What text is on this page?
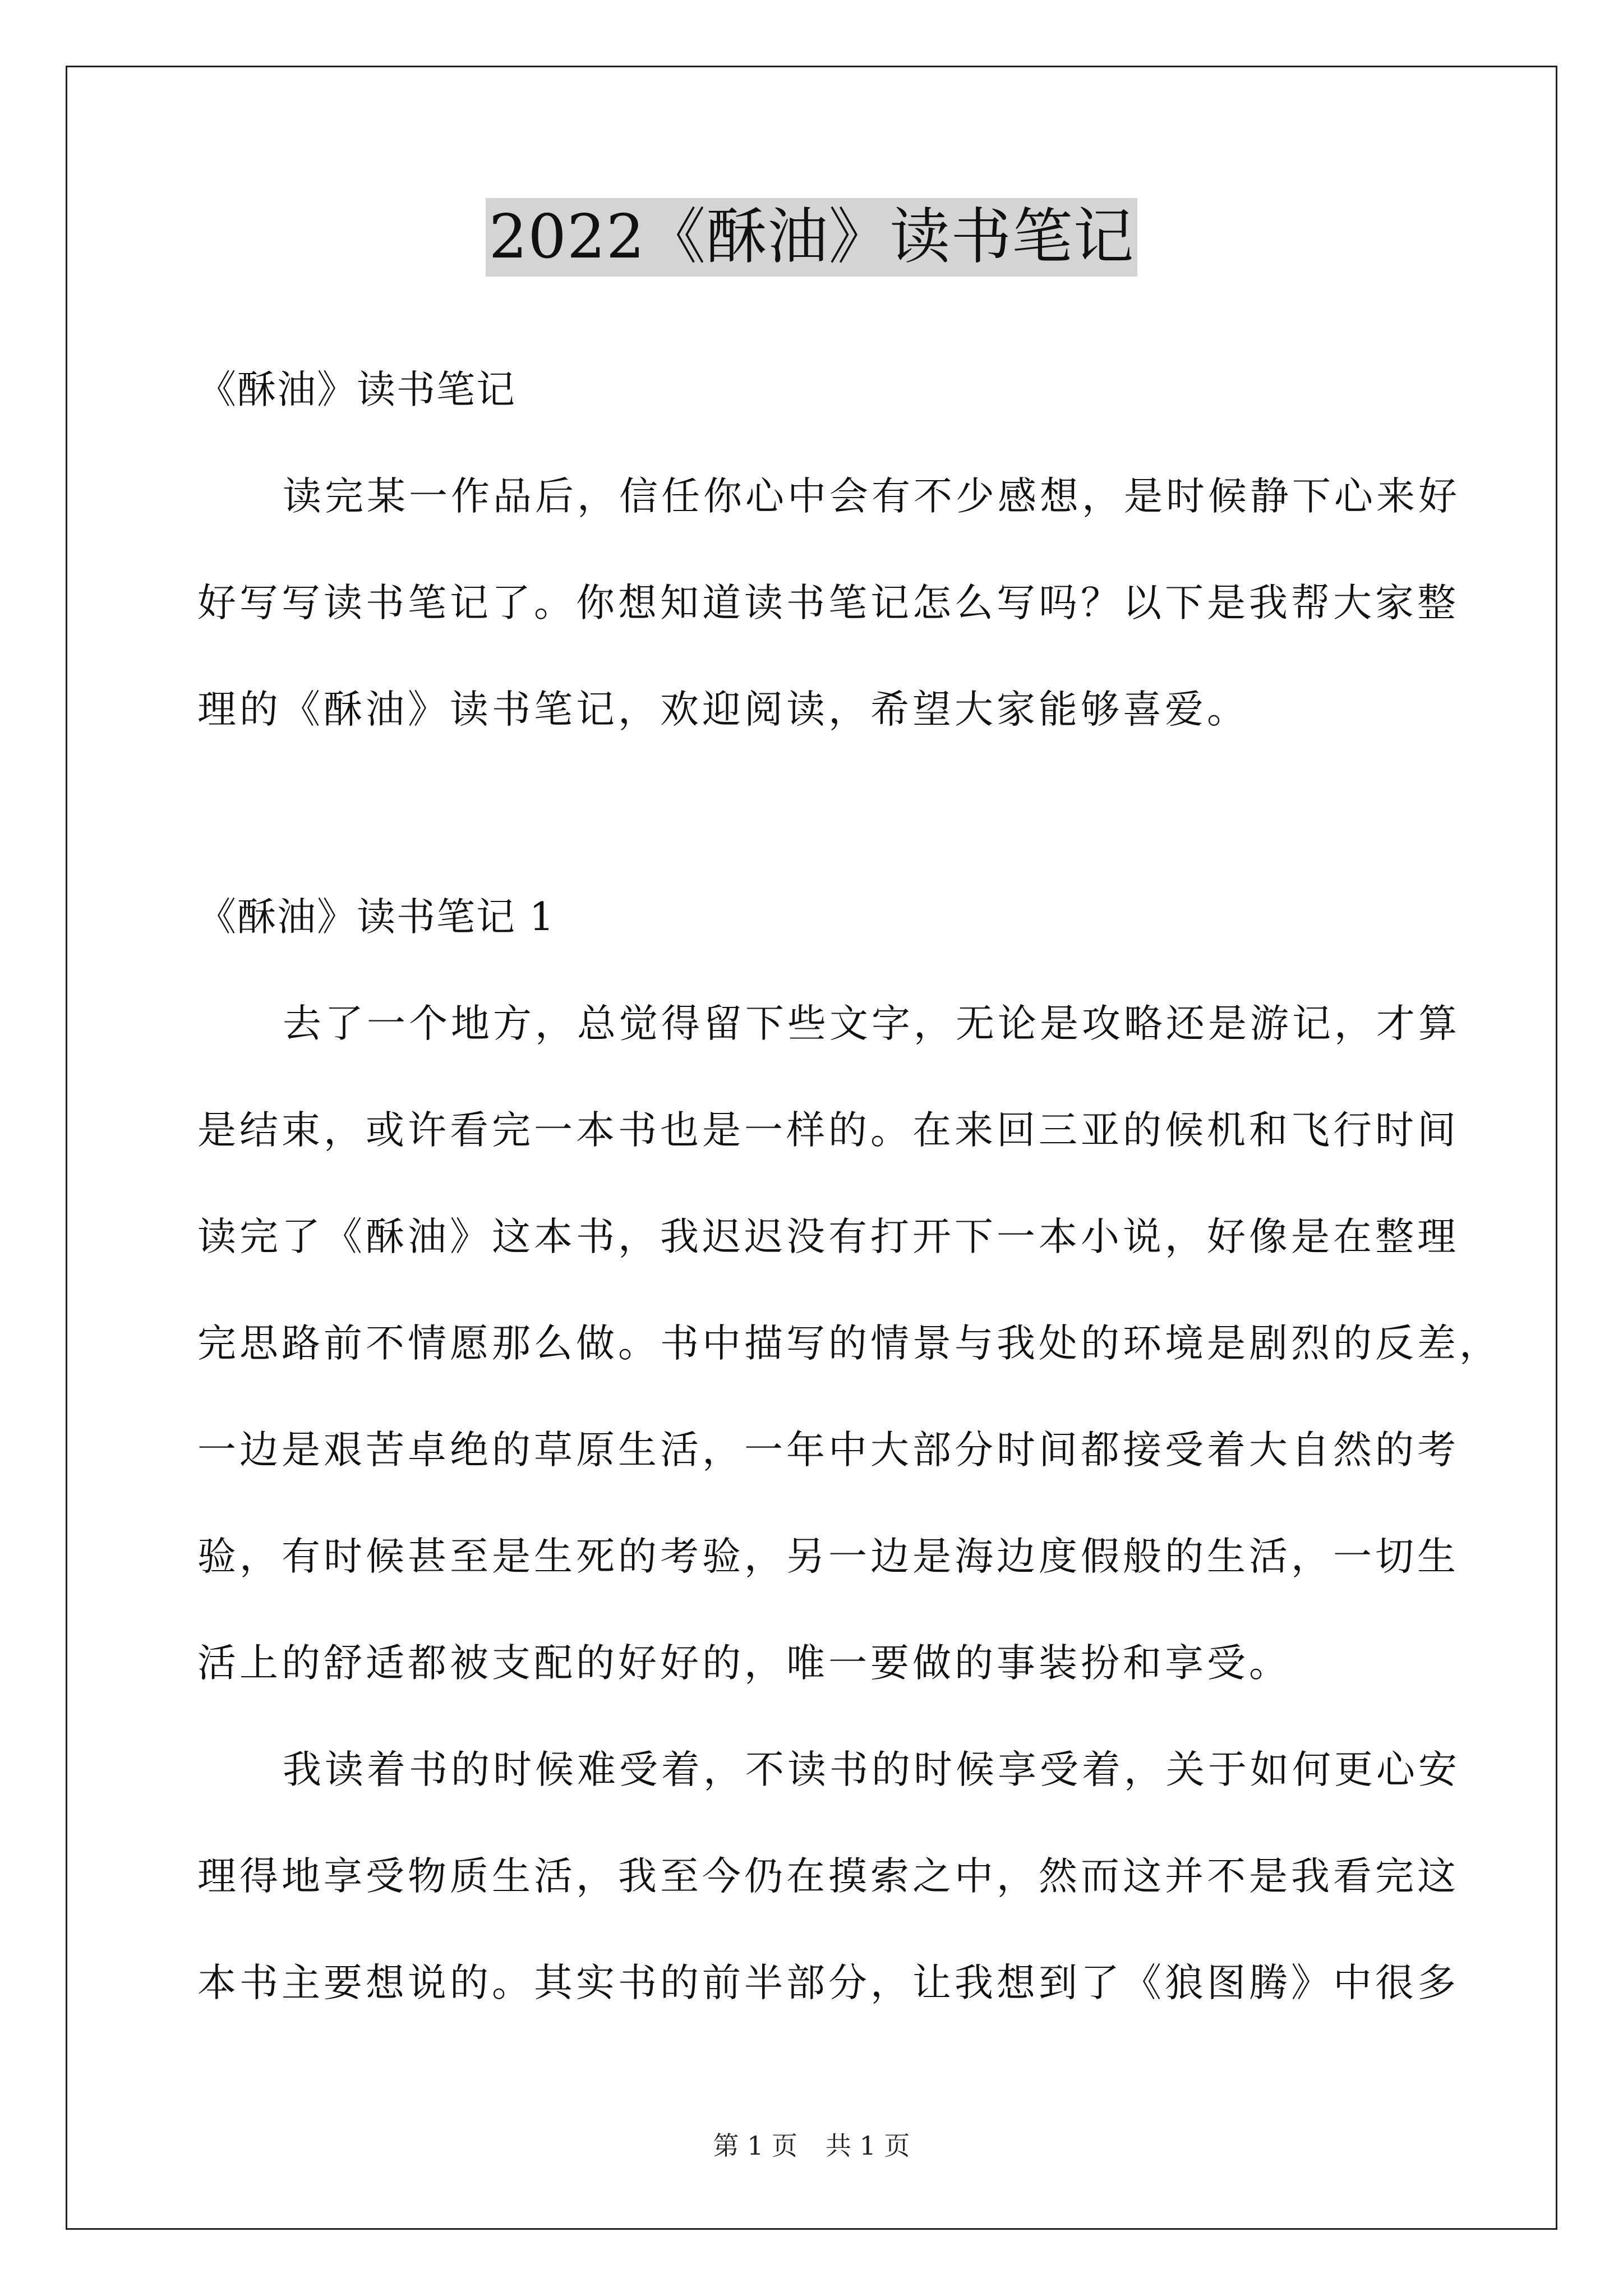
2022《酥油》读书笔记
《酥油》读书笔记
读完某一作品后，信任你心中会有不少感想，是时候静下心来好
好写写读书笔记了。你想知道读书笔记怎么写吗？以下是我帮大家整
理的《酥油》读书笔记，欢迎阅读，希望大家能够喜爱。
《酥油》读书笔记 1
去了一个地方，总觉得留下些文字，无论是攻略还是游记，才算
是结束，或许看完一本书也是一样的。在来回三亚的候机和飞行时间
读完了《酥油》这本书，我迟迟没有打开下一本小说，好像是在整理
完思路前不情愿那么做。书中描写的情景与我处的环境是剧烈的反差，
一边是艰苦卓绝的草原生活，一年中大部分时间都接受着大自然的考
验，有时候甚至是生死的考验，另一边是海边度假般的生活，一切生
活上的舒适都被支配的好好的，唯一要做的事装扮和享受。
我读着书的时候难受着，不读书的时候享受着，关于如何更心安
理得地享受物质生活，我至今仍在摸索之中，然而这并不是我看完这
本书主要想说的。其实书的前半部分，让我想到了《狼图腾》中很多
第 1 页 共 1 页
